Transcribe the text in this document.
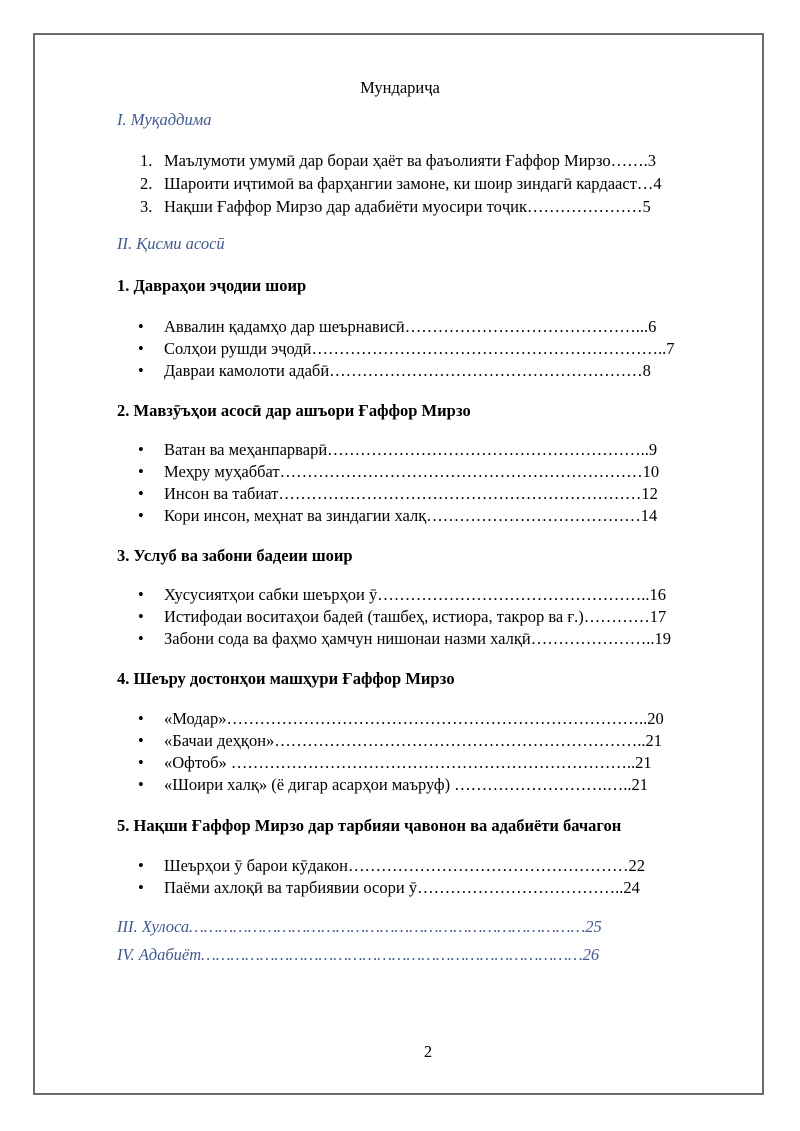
Мундариҷа
I. Муқаддима
1. Маълумоти умумӣ дар бораи ҳаёт ва фаъолияти Ғаффор Мирзо…….3
2. Шароити иҷтимоӣ ва фарҳангии замоне, ки шоир зиндагӣ кардааст…4
3. Нақши Ғаффор Мирзо дар адабиёти муосири тоҷик…………………5
II. Қисми асосӣ
1. Давраҳои эҷодии шоир
Аввалин қадамҳо дар шеърнависӣ……………………………………...6
Солҳои рушди эҷодӣ………………………………………………………..7
Давраи камолоти адабӣ…………………………………………………8
2. Мавзӯъҳои асосӣ дар ашъори Ғаффор Мирзо
Ватан ва меҳанпарварӣ…………………………………………………..9
Меҳру муҳаббат…………………………………………………………10
Инсон ва табиат…………………………………………………………12
Кори инсон, меҳнат ва зиндагии халқ…………………………………14
3. Услуб ва забони бадеии шоир
Хусусиятҳои сабки шеърҳои ӯ…………………………………………..16
Истифодаи воситаҳои бадеӣ (ташбеҳ, истиора, такрор ва ғ.)…………17
Забони сода ва фаҳмо ҳамчун нишонаи назми халқӣ…………………..19
4. Шеъру достонҳои машҳури Ғаффор Мирзо
«Модар»…………………………………………………………………..20
«Бачаи деҳқон»…………………………………………………………..21
«Офтоб» ………………………………………………………………..21
«Шоири халқ» (ё дигар асарҳои маъруф) ……………………….…..21
5. Нақши Ғаффор Мирзо дар тарбияи ҷавонон ва адабиёти бачагон
Шеърҳои ӯ барои кӯдакон……………………………………………22
Паёми ахлоқӣ ва тарбиявии осори ӯ………………………………..24
III. Хулоса………………………………………………………………………25
IV. Адабиёт……………………………………………………………………26
2
